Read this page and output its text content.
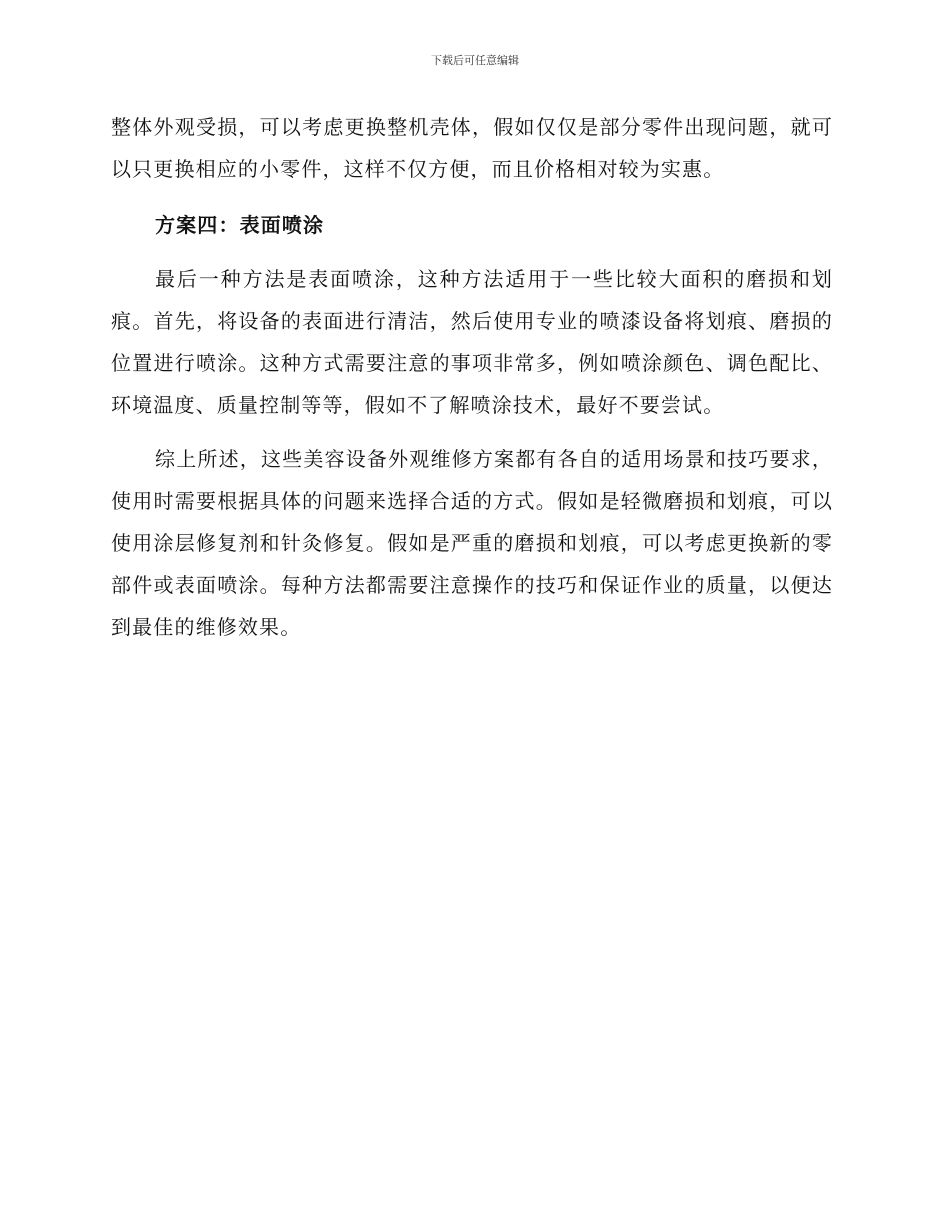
下载后可任意编辑

整体外观受损，可以考虑更换整机壳体，假如仅仅是部分零件出现问题，就可以只更换相应的小零件，这样不仅方便，而且价格相对较为实惠。

方案四：表面喷涂

最后一种方法是表面喷涂，这种方法适用于一些比较大面积的磨损和划痕。首先，将设备的表面进行清洁，然后使用专业的喷漆设备将划痕、磨损的位置进行喷涂。这种方式需要注意的事项非常多，例如喷涂颜色、调色配比、环境温度、质量控制等等，假如不了解喷涂技术，最好不要尝试。

综上所述，这些美容设备外观维修方案都有各自的适用场景和技巧要求，使用时需要根据具体的问题来选择合适的方式。假如是轻微磨损和划痕，可以使用涂层修复剂和针灸修复。假如是严重的磨损和划痕，可以考虑更换新的零部件或表面喷涂。每种方法都需要注意操作的技巧和保证作业的质量，以便达到最佳的维修效果。
